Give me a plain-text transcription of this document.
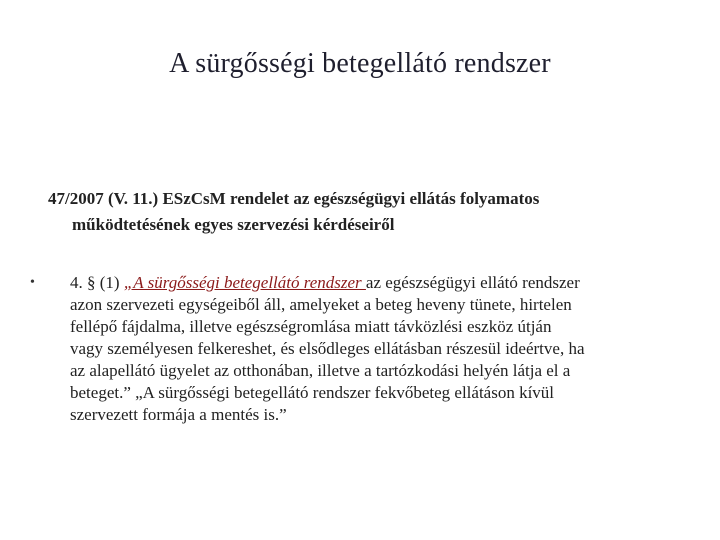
A sürgősségi betegellátó rendszer
47/2007 (V. 11.) ESzCsM rendelet az egészségügyi ellátás folyamatos
működtetésének egyes szervezési kérdéseiről
• 4. § (1) „A sürgősségi betegellátó rendszer az egészségügyi ellátó rendszer
azon szervezeti egységeiből áll, amelyeket a beteg heveny tünete, hirtelen
fellépő fájdalma, illetve egészségromlása miatt távközlési eszköz útján
vagy személyesen felkereshet, és elsődleges ellátásban részesül ideértve, ha
az alapellátó ügyelet az otthonában, illetve a tartózkodási helyén látja el a
beteget.” „A sürgősségi betegellátó rendszer fekvőbeteg ellátáson kívül
szervezett formája a mentés is.”
